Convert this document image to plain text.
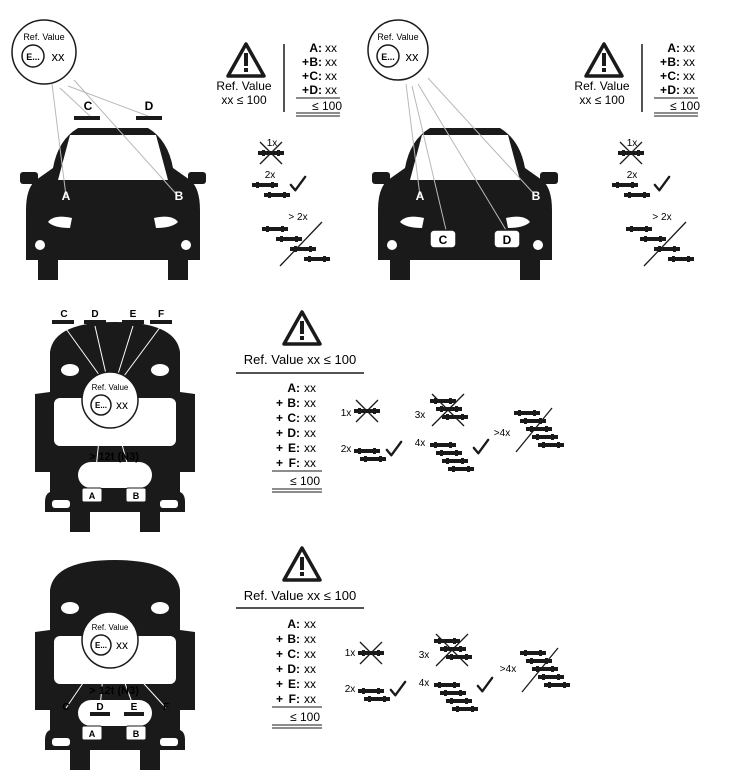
C	D
A	B
Ref. Value
E... xx
Ref. Value
xx ≤ 100
A: xx
+ B: xx
+ C: xx
+ D: xx
≤ 100
1x
2x
> 2x
C	D
A	B
Ref. Value
E... xx
Ref. Value
xx ≤ 100
A: xx
+ B: xx
+ C: xx
+ D: xx
≤ 100
1x
2x
> 2x
C D	E F
A	B
> 12t (N3)
Ref. Value
E... xx
Ref. Value xx ≤ 100
A: xx
+ B: xx
+ C: xx
+ D: xx
+ E: xx
+ F: xx
≤ 100
1x
2x
3x
4x
>4x
C	D	E	F
A	B
> 12t (N3)
Ref. Value
E... xx
Ref. Value xx ≤ 100
A: xx
+ B: xx
+ C: xx
+ D: xx
+ E: xx
+ F: xx
≤ 100
1x
2x
3x
4x
>4x
